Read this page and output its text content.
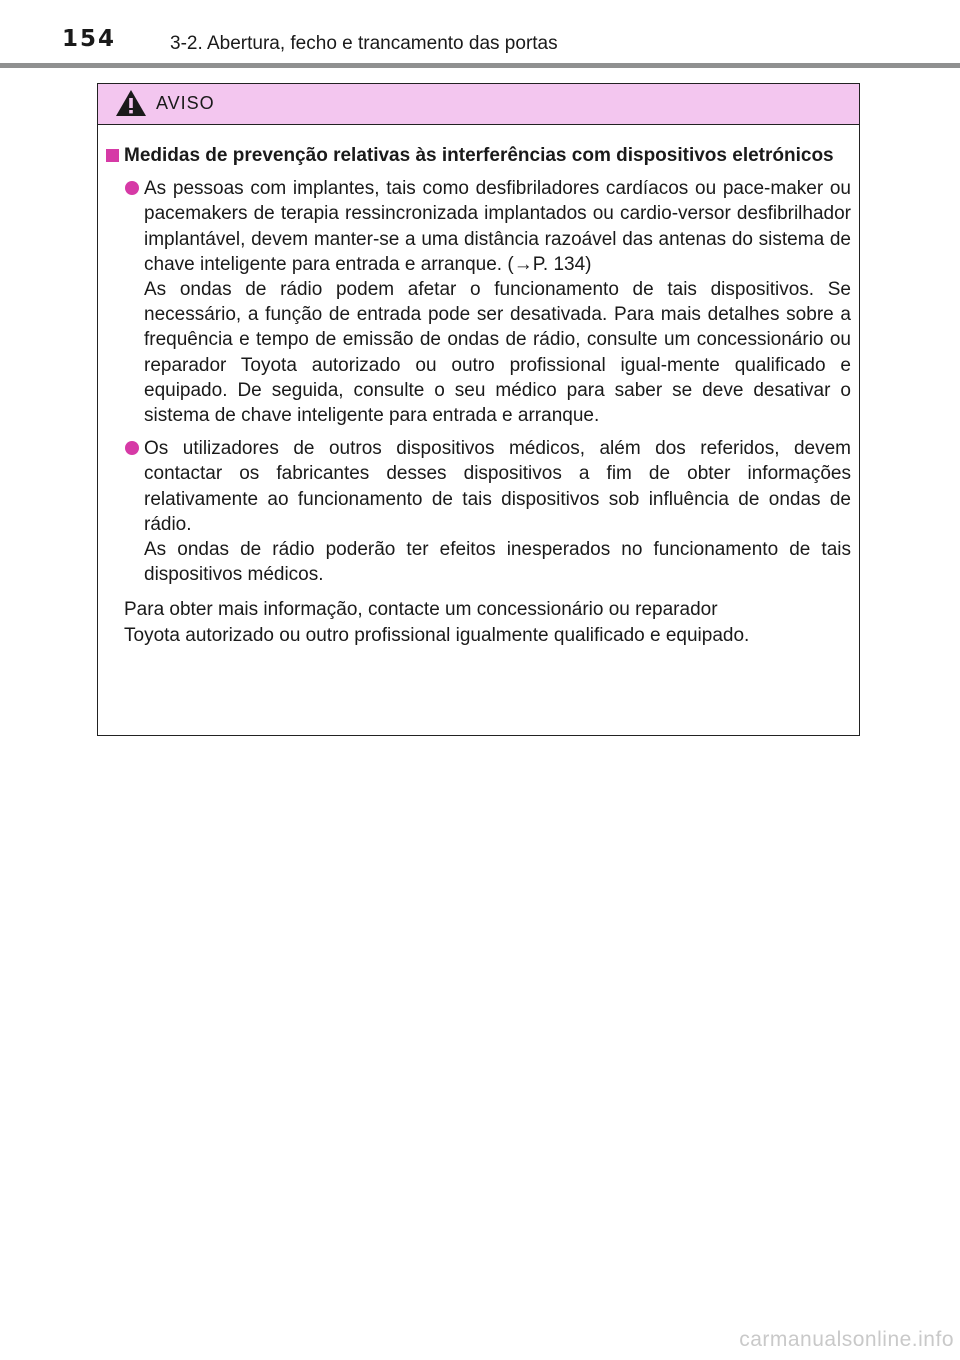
154	3-2. Abertura, fecho e trancamento das portas
AVISO
Medidas de prevenção relativas às interferências com dispositivos eletrónicos

As pessoas com implantes, tais como desfibriladores cardíacos ou pace-maker ou pacemakers de terapia ressincronizada implantados ou cardio-versor desfibrilhador implantável, devem manter-se a uma distância razoável das antenas do sistema de chave inteligente para entrada e arranque. (→P. 134)

As ondas de rádio podem afetar o funcionamento de tais dispositivos. Se necessário, a função de entrada pode ser desativada. Para mais detalhes sobre a frequência e tempo de emissão de ondas de rádio, consulte um concessionário ou reparador Toyota autorizado ou outro profissional igual-mente qualificado e equipado. De seguida, consulte o seu médico para saber se deve desativar o sistema de chave inteligente para entrada e arranque.

Os utilizadores de outros dispositivos médicos, além dos referidos, devem contactar os fabricantes desses dispositivos a fim de obter informações relativamente ao funcionamento de tais dispositivos sob influência de ondas de rádio.

As ondas de rádio poderão ter efeitos inesperados no funcionamento de tais dispositivos médicos.

Para obter mais informação, contacte um concessionário ou reparador

Toyota autorizado ou outro profissional igualmente qualificado e equipado.

carmanualsonline.info
